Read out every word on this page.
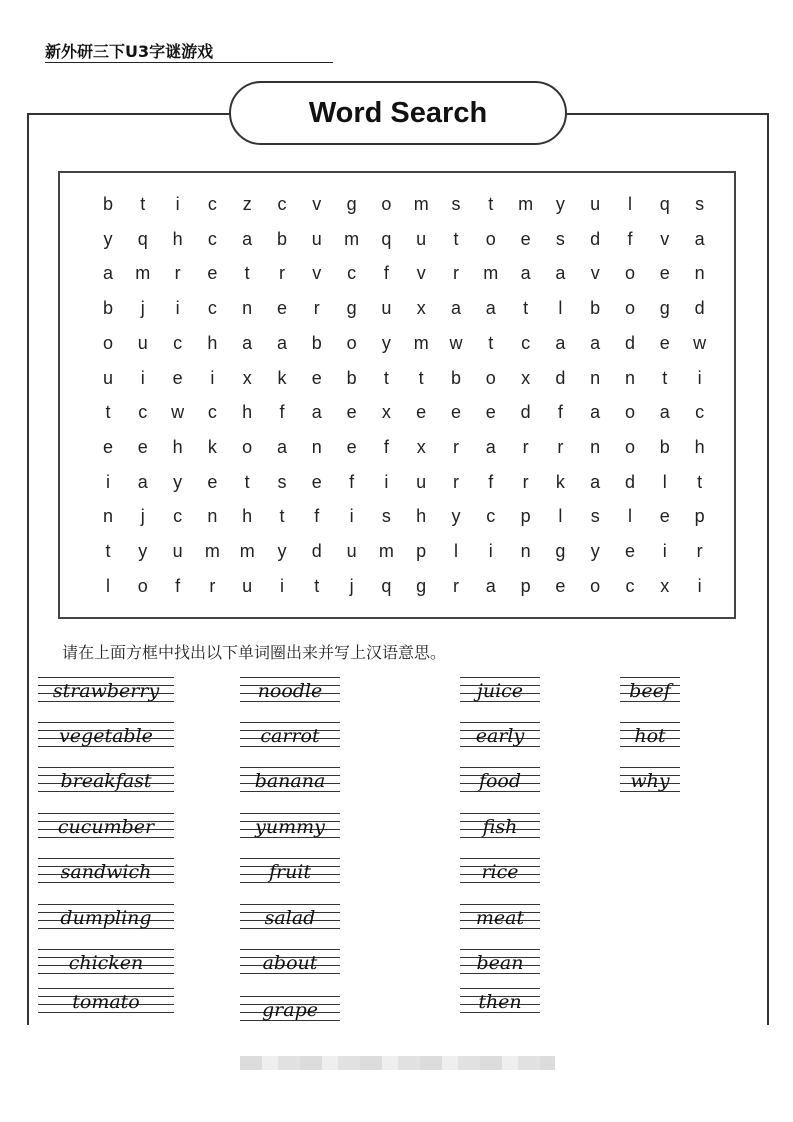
新外研三下U3字谜游戏
Word Search
b	t	i	c	z	c	v	g	o	m	s	t	m	y	u	l	q	s
y	q	h	c	a	b	u	m	q	u	t	o	e	s	d	f	v	a
a	m	r	e	t	r	v	c	f	v	r	m	a	a	v	o	e	n
b	j	i	c	n	e	r	g	u	x	a	a	t	l	b	o	g	d
o	u	c	h	a	a	b	o	y	m	w	t	c	a	a	d	e	w
u	i	e	i	x	k	e	b	t	t	b	o	x	d	n	n	t	i
t	c	w	c	h	f	a	e	x	e	e	e	d	f	a	o	a	c
e	e	h	k	o	a	n	e	f	x	r	a	r	r	n	o	b	h
i	a	y	e	t	s	e	f	i	u	r	f	r	k	a	d	l	t
n	j	c	n	h	t	f	i	s	h	y	c	p	l	s	l	e	p
t	y	u	m m	y	d	u	m	p	l	i	n	g	y	e	i	r
l	o	f	r	u	i	t	j	q	g	r	a	p	e	o	c	x	i
请在上面方框中找出以下单词圈出来并写上汉语意思。
strawberry
vegetable
breakfast
cucumber
sandwich
dumpling
chicken
tomato
noodle
carrot
banana
yummy
fruit
salad
about
grape
juice
early
food
fish
rice
meat
bean
then
beef
hot
why
